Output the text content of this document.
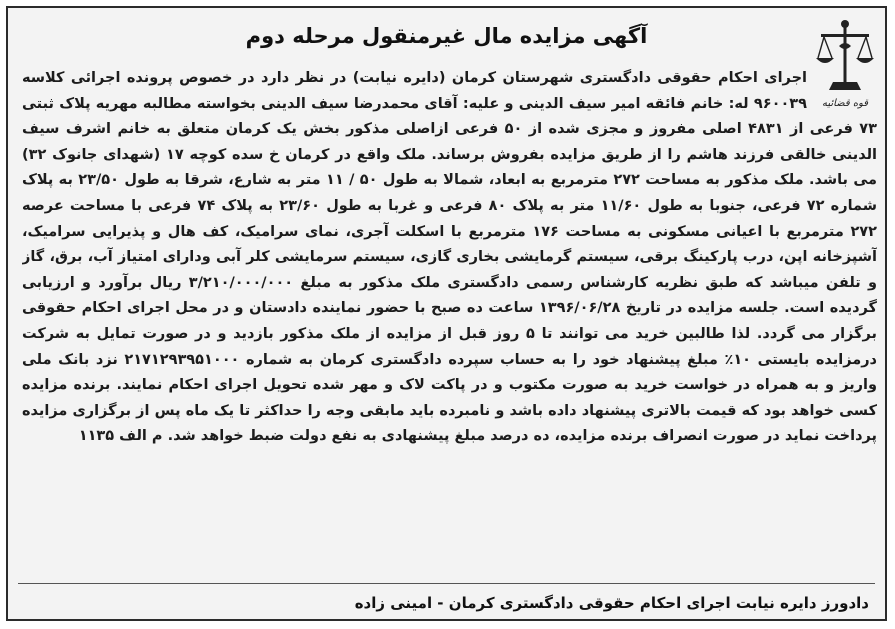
قوه قضائیه
آگهی مزایده مال غیرمنقول مرحله دوم
اجرای احکام حقوقی دادگستری شهرستان کرمان (دایره نیابت) در نظر دارد در خصوص پرونده اجرائی کلاسه ۹۶۰۰۳۹ له: خانم فائقه امیر سیف الدینی و علیه: آقای محمدرضا سیف الدینی بخواسته مطالبه مهریه پلاک ثبتی ۷۳ فرعی از ۴۸۳۱ اصلی مفروز و مجزی شده از ۵۰ فرعی ازاصلی مذکور بخش یک کرمان متعلق به خانم اشرف سیف الدینی خالقی فرزند هاشم را از طریق مزایده بفروش برساند. ملک واقع در کرمان خ سده کوچه ۱۷ (شهدای جانوک ۳۲) می باشد. ملک مذکور به مساحت ۲۷۲ مترمربع به ابعاد، شمالا به طول ۵۰ / ۱۱ متر به شارع، شرقا به طول ۲۳/۵۰ به پلاک شماره ۷۲ فرعی، جنوبا به طول ۱۱/۶۰ متر به پلاک ۸۰ فرعی و غربا به طول ۲۳/۶۰ به پلاک ۷۴ فرعی با مساحت عرصه ۲۷۲ مترمربع با اعیانی مسکونی به مساحت ۱۷۶ مترمربع با اسکلت آجری، نمای سرامیک، کف هال و پذیرایی سرامیک، آشپزخانه اپن، درب پارکینگ برقی، سیستم گرمایشی بخاری گازی، سیستم سرمایشی کلر آبی ودارای امتیاز آب، برق، گاز و تلفن میباشد که طبق نظریه کارشناس رسمی دادگستری ملک مذکور به مبلغ ۳/۲۱۰/۰۰۰/۰۰۰ ریال برآورد و ارزیابی گردیده است. جلسه مزایده در تاریخ ۱۳۹۶/۰۶/۲۸ ساعت ده صبح با حضور نماینده دادستان و در محل اجرای احکام حقوقی برگزار می گردد. لذا طالبین خرید می توانند تا ۵ روز قبل از مزایده از ملک مذکور بازدید و در صورت تمایل به شرکت درمزایده بایستی ۱۰٪ مبلغ پیشنهاد خود را به حساب سپرده دادگستری کرمان به شماره ۲۱۷۱۲۹۳۹۵۱۰۰۰ نزد بانک ملی واریز و به همراه در خواست خرید به صورت مکتوب و در پاکت لاک و مهر شده تحویل اجرای احکام نمایند. برنده مزایده کسی خواهد بود که قیمت بالاتری پیشنهاد داده باشد و نامبرده باید مابقی وجه را حداکثر تا یک ماه پس از برگزاری مزایده پرداخت نماید در صورت انصراف برنده مزایده، ده درصد مبلغ پیشنهادی به نفع دولت ضبط خواهد شد. م الف ۱۱۳۵
دادورز دایره نیابت اجرای احکام حقوقی دادگستری کرمان - امینی زاده
